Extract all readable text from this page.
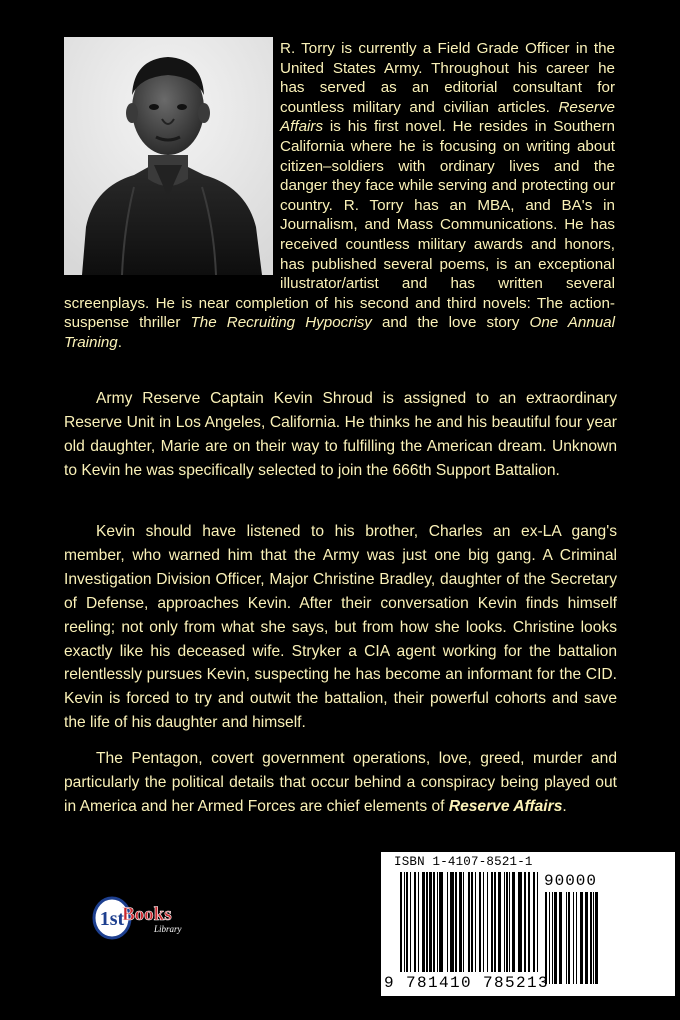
R. Torry is currently a Field Grade Officer in the United States Army. Throughout his career he has served as an editorial consultant for countless military and civilian articles. Reserve Affairs is his first novel. He resides in Southern California where he is focusing on writing about citizen–soldiers with ordinary lives and the danger they face while serving and protecting our country. R. Torry has an MBA, and BA's in Journalism, and Mass Communications. He has received countless military awards and honors, has published several poems, is an exceptional illustrator/artist and has written several screenplays. He is near completion of his second and third novels: The action-suspense thriller The Recruiting Hypocrisy and the love story One Annual Training.

Army Reserve Captain Kevin Shroud is assigned to an extraordinary Reserve Unit in Los Angeles, California. He thinks he and his beautiful four year old daughter, Marie are on their way to fulfilling the American dream. Unknown to Kevin he was specifically selected to join the 666th Support Battalion.

Kevin should have listened to his brother, Charles an ex-LA gang's member, who warned him that the Army was just one big gang. A Criminal Investigation Division Officer, Major Christine Bradley, daughter of the Secretary of Defense, approaches Kevin. After their conversation Kevin finds himself reeling; not only from what she says, but from how she looks. Christine looks exactly like his deceased wife. Stryker a CIA agent working for the battalion relentlessly pursues Kevin, suspecting he has become an informant for the CID. Kevin is forced to try and outwit the battalion, their powerful cohorts and save the life of his daughter and himself.

The Pentagon, covert government operations, love, greed, murder and particularly the political details that occur behind a conspiracy being played out in America and her Armed Forces are chief elements of Reserve Affairs.

1st
Books
Library
ISBN 1-4107-8521-1
90000
9 781410 785213
